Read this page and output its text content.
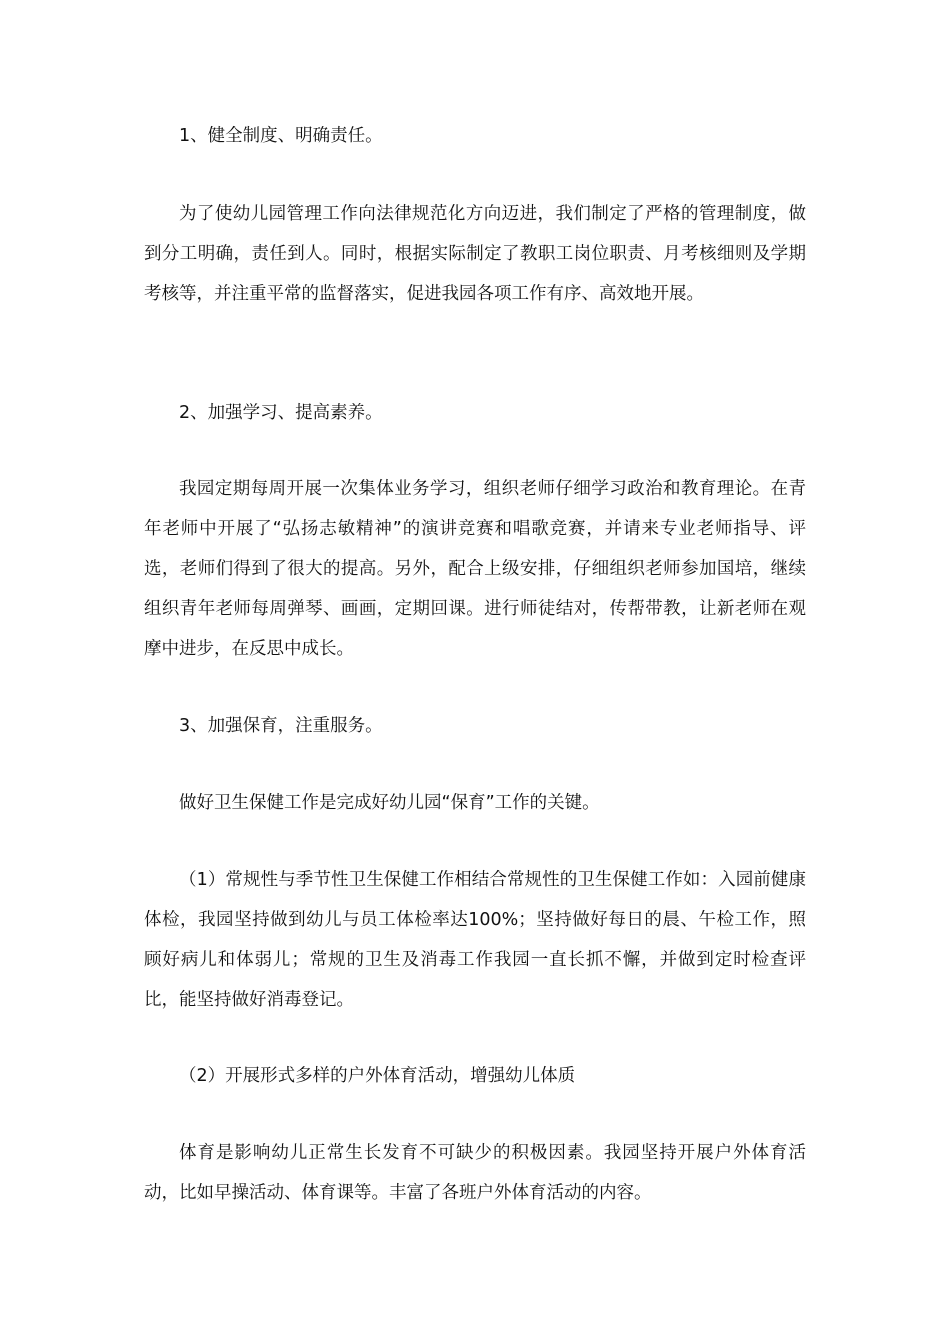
1、健全制度、明确责任。

为了使幼儿园管理工作向法律规范化方向迈进，我们制定了严格的管理制度，做到分工明确，责任到人。同时，根据实际制定了教职工岗位职责、月考核细则及学期考核等，并注重平常的监督落实，促进我园各项工作有序、高效地开展。

2、加强学习、提高素养。

我园定期每周开展一次集体业务学习，组织老师仔细学习政治和教育理论。在青年老师中开展了“弘扬志敏精神”的演讲竞赛和唱歌竞赛，并请来专业老师指导、评选，老师们得到了很大的提高。另外，配合上级安排，仔细组织老师参加国培，继续组织青年老师每周弹琴、画画，定期回课。进行师徒结对，传帮带教，让新老师在观摩中进步，在反思中成长。

3、加强保育，注重服务。

做好卫生保健工作是完成好幼儿园“保育”工作的关键。

（1）常规性与季节性卫生保健工作相结合常规性的卫生保健工作如：入园前健康体检，我园坚持做到幼儿与员工体检率达100%；坚持做好每日的晨、午检工作，照顾好病儿和体弱儿；常规的卫生及消毒工作我园一直长抓不懈，并做到定时检查评比，能坚持做好消毒登记。

（2）开展形式多样的户外体育活动，增强幼儿体质

体育是影响幼儿正常生长发育不可缺少的积极因素。我园坚持开展户外体育活动，比如早操活动、体育课等。丰富了各班户外体育活动的内容。
